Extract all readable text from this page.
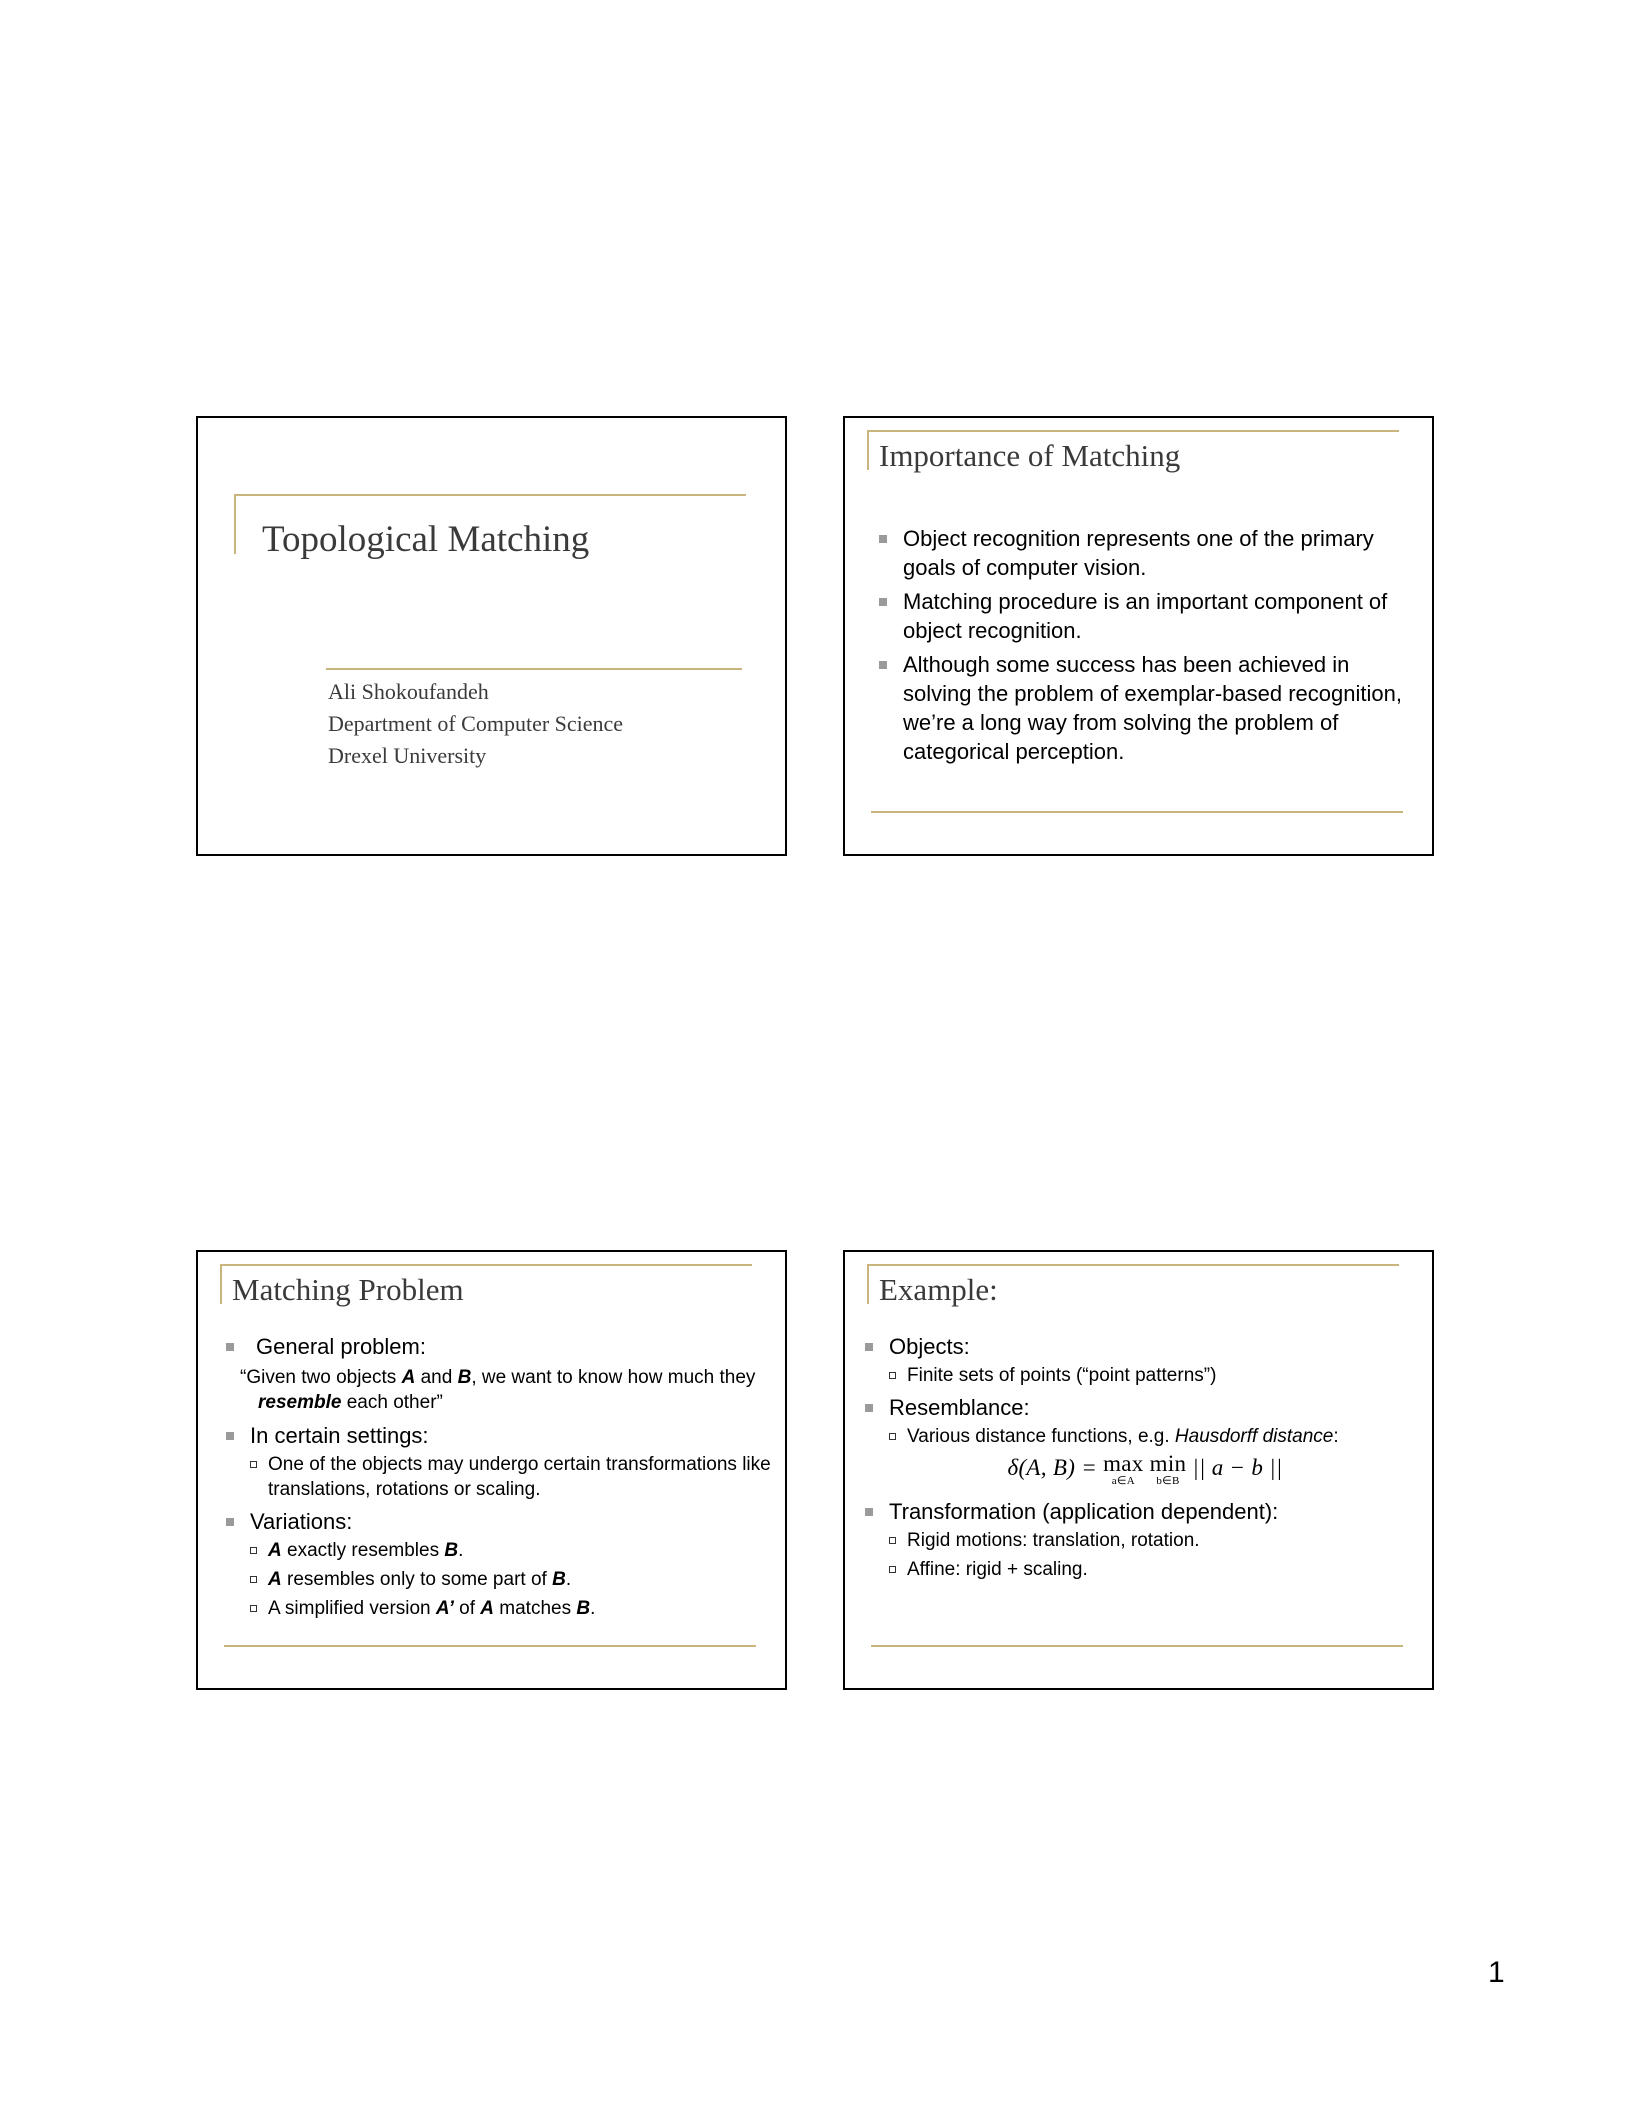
Topological Matching
Ali Shokoufandeh
Department of Computer Science
Drexel University
Importance of Matching
Object recognition represents one of the primary goals of computer vision.
Matching procedure is an important component of object recognition.
Although some success has been achieved in solving the problem of exemplar-based recognition, we’re a long way from solving the problem of categorical perception.
Matching Problem
General problem:
“Given two objects A and B, we want to know how much they resemble each other”
In certain settings:
One of the objects may undergo certain transformations like translations, rotations or scaling.
Variations:
A exactly resembles B.
A resembles only to some part of B.
A simplified version A’ of A matches B.
Example:
Objects:
Finite sets of points (“point patterns”)
Resemblance:
Various distance functions, e.g. Hausdorff distance:
δ(A, B) = max
a∈A
min
b∈B
|| a − b ||
Transformation (application dependent):
Rigid motions: translation, rotation.
Affine: rigid + scaling.
1
